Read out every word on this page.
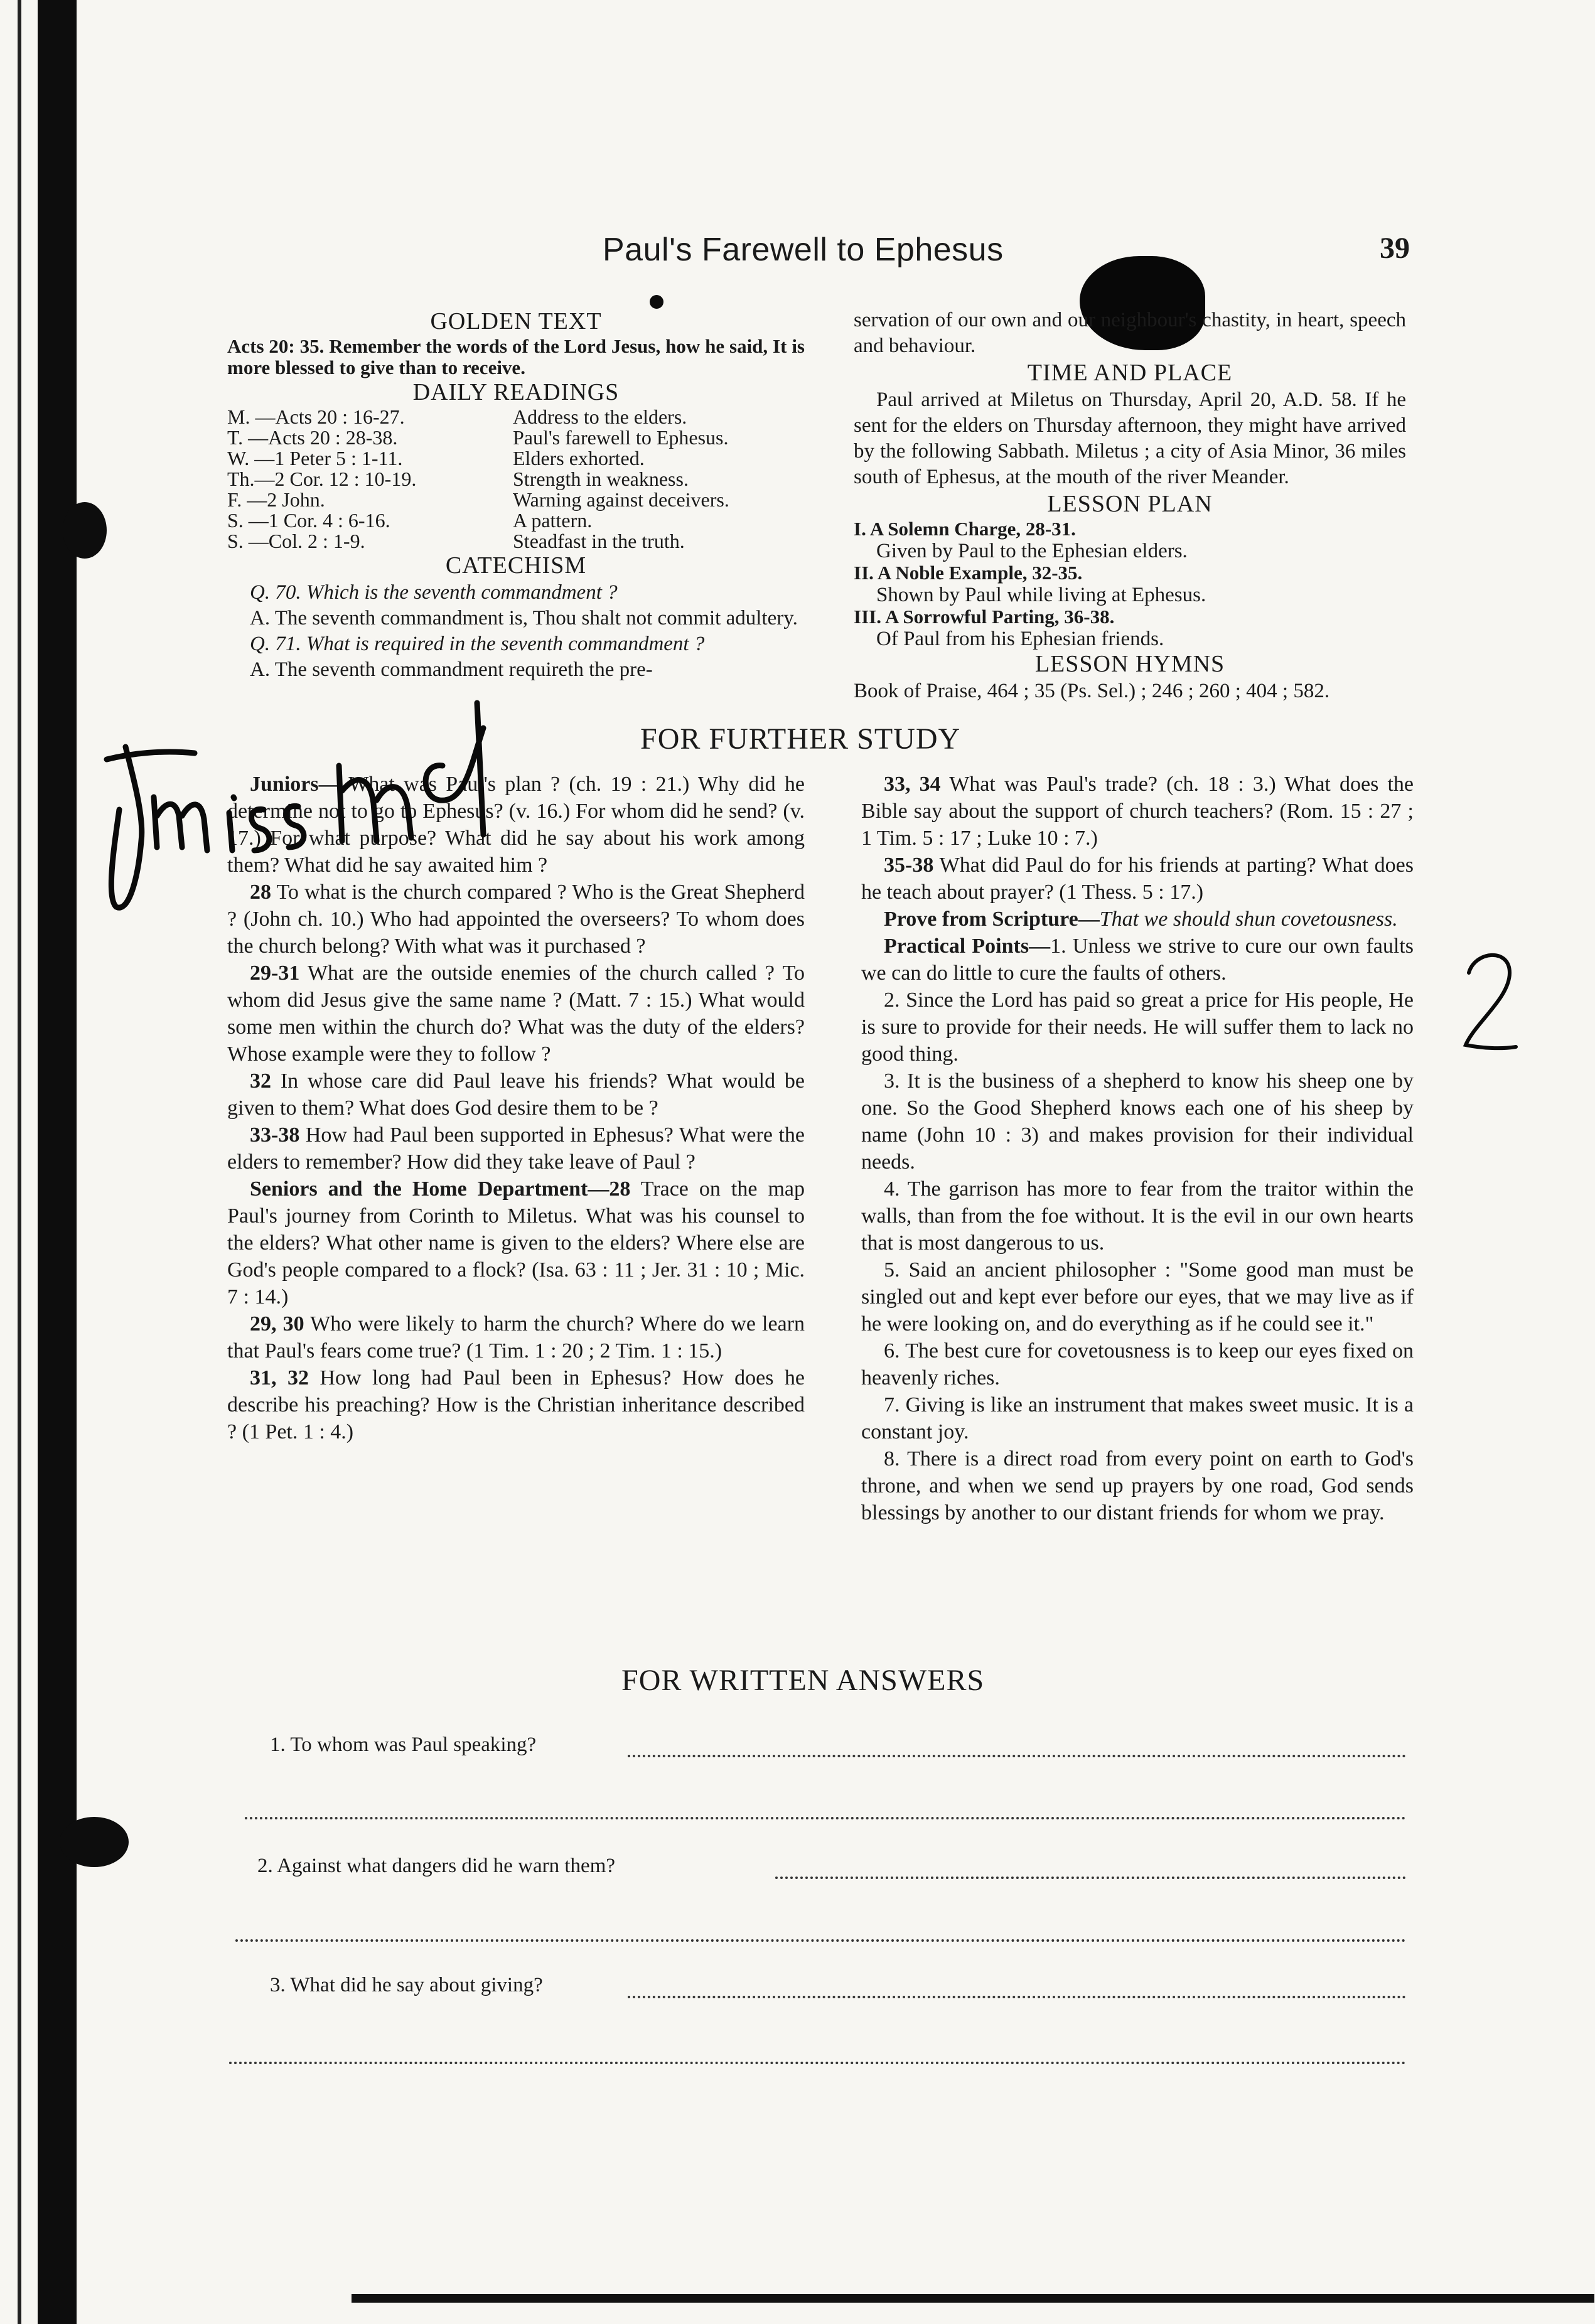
Paul's Farewell to Ephesus	39

GOLDEN TEXT

Acts 20: 35. Remember the words of the Lord Jesus, how he said, It is more blessed to give than to receive.

DAILY READINGS

M. —Acts 20 : 16-27.	Address to the elders.
T. —Acts 20 : 28-38.	Paul's farewell to Ephesus.
W. —1 Peter 5 : 1-11.	Elders exhorted.
Th.—2 Cor. 12 : 10-19.	Strength in weakness.
F. —2 John.	Warning against deceivers.
S. —1 Cor. 4 : 6-16.	A pattern.
S. —Col. 2 : 1-9.	Steadfast in the truth.

CATECHISM

Q. 70. Which is the seventh commandment ?

A. The seventh commandment is, Thou shalt not commit adultery.

Q. 71. What is required in the seventh commandment ?

A. The seventh commandment requireth the pre-

servation of our own and our neighbour's chastity, in heart, speech and behaviour.

TIME AND PLACE

Paul arrived at Miletus on Thursday, April 20, A.D. 58. If he sent for the elders on Thursday afternoon, they might have arrived by the following Sabbath. Miletus ; a city of Asia Minor, 36 miles south of Ephesus, at the mouth of the river Meander.

LESSON PLAN

I. A Solemn Charge, 28-31.

Given by Paul to the Ephesian elders.

II. A Noble Example, 32-35.

Shown by Paul while living at Ephesus.

III. A Sorrowful Parting, 36-38.

Of Paul from his Ephesian friends.

LESSON HYMNS

Book of Praise, 464 ; 35 (Ps. Sel.) ; 246 ; 260 ; 404 ; 582.

FOR FURTHER STUDY

Juniors— What was Paul's plan ? (ch. 19 : 21.) Why did he determine not to go to Ephesus? (v. 16.) For whom did he send? (v. 17.) For what purpose? What did he say about his work among them? What did he say awaited him ?

28 To what is the church compared ? Who is the Great Shepherd ? (John ch. 10.) Who had appointed the overseers? To whom does the church belong? With what was it purchased ?

29-31 What are the outside enemies of the church called ? To whom did Jesus give the same name ? (Matt. 7 : 15.) What would some men within the church do? What was the duty of the elders? Whose example were they to follow ?

32 In whose care did Paul leave his friends? What would be given to them? What does God desire them to be ?

33-38 How had Paul been supported in Ephesus? What were the elders to remember? How did they take leave of Paul ?

Seniors and the Home Department—28 Trace on the map Paul's journey from Corinth to Miletus. What was his counsel to the elders? What other name is given to the elders? Where else are God's people compared to a flock? (Isa. 63 : 11 ; Jer. 31 : 10 ; Mic. 7 : 14.)

29, 30 Who were likely to harm the church? Where do we learn that Paul's fears come true? (1 Tim. 1 : 20 ; 2 Tim. 1 : 15.)

31, 32 How long had Paul been in Ephesus? How does he describe his preaching? How is the Christian inheritance described ? (1 Pet. 1 : 4.)

33, 34 What was Paul's trade? (ch. 18 : 3.) What does the Bible say about the support of church teachers? (Rom. 15 : 27 ; 1 Tim. 5 : 17 ; Luke 10 : 7.)

35-38 What did Paul do for his friends at parting? What does he teach about prayer? (1 Thess. 5 : 17.)

Prove from Scripture—That we should shun covetousness.

Practical Points—1. Unless we strive to cure our own faults we can do little to cure the faults of others.

2. Since the Lord has paid so great a price for His people, He is sure to provide for their needs. He will suffer them to lack no good thing.

3. It is the business of a shepherd to know his sheep one by one. So the Good Shepherd knows each one of his sheep by name (John 10 : 3) and makes provision for their individual needs.

4. The garrison has more to fear from the traitor within the walls, than from the foe without. It is the evil in our own hearts that is most dangerous to us.

5. Said an ancient philosopher : "Some good man must be singled out and kept ever before our eyes, that we may live as if he were looking on, and do everything as if he could see it."

6. The best cure for covetousness is to keep our eyes fixed on heavenly riches.

7. Giving is like an instrument that makes sweet music. It is a constant joy.

8. There is a direct road from every point on earth to God's throne, and when we send up prayers by one road, God sends blessings by another to our distant friends for whom we pray.

FOR WRITTEN ANSWERS
1. To whom was Paul speaking?
2. Against what dangers did he warn them?
3. What did he say about giving?
